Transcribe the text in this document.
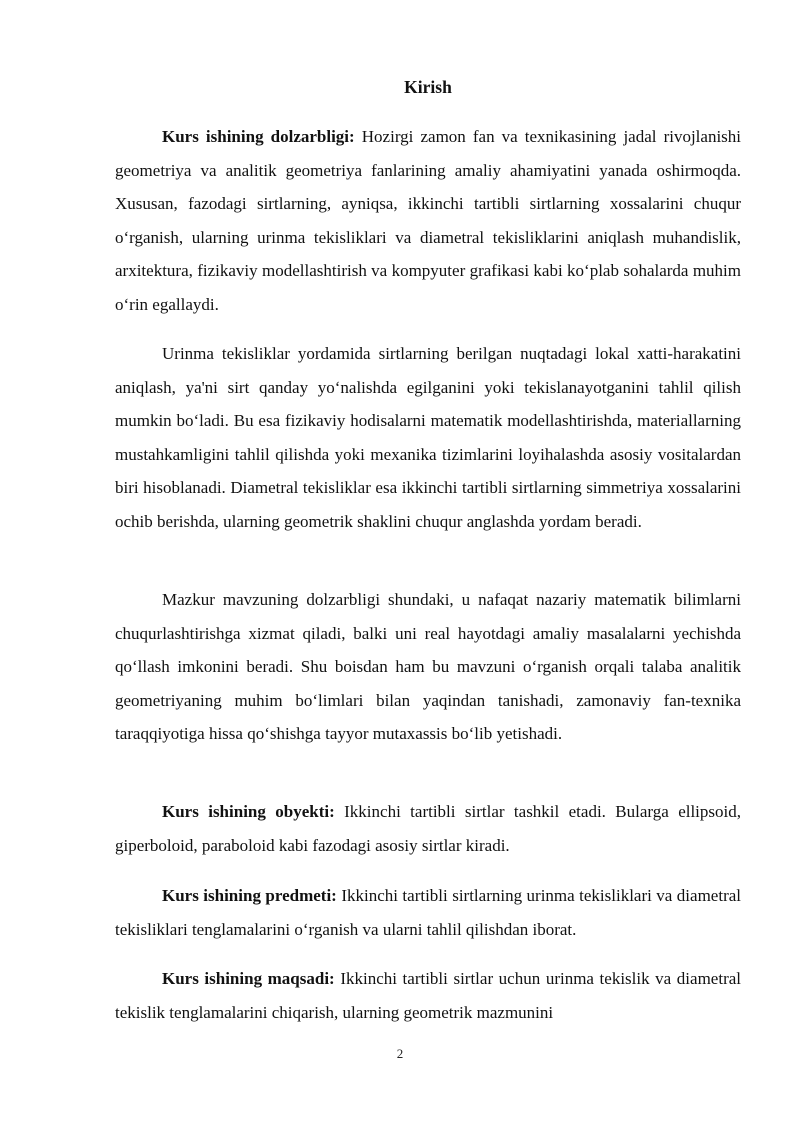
Kirish

Kurs ishining dolzarbligi: Hozirgi zamon fan va texnikasining jadal rivojlanishi geometriya va analitik geometriya fanlarining amaliy ahamiyatini yanada oshirmoqda. Xususan, fazodagi sirtlarning, ayniqsa, ikkinchi tartibli sirtlarning xossalarini chuqur oʻrganish, ularning urinma tekisliklari va diametral tekisliklarini aniqlash muhandislik, arxitektura, fizikaviy modellashtirish va kompyuter grafikasi kabi koʻplab sohalarda muhim oʻrin egallaydi.

Urinma tekisliklar yordamida sirtlarning berilgan nuqtadagi lokal xatti-harakatini aniqlash, ya'ni sirt qanday yoʻnalishda egilganini yoki tekislanayotganini tahlil qilish mumkin boʻladi. Bu esa fizikaviy hodisalarni matematik modellashtirishda, materiallarning mustahkamligini tahlil qilishda yoki mexanika tizimlarini loyihalashda asosiy vositalardan biri hisoblanadi. Diametral tekisliklar esa ikkinchi tartibli sirtlarning simmetriya xossalarini ochib berishda, ularning geometrik shaklini chuqur anglashda yordam beradi.

Mazkur mavzuning dolzarbligi shundaki, u nafaqat nazariy matematik bilimlarni chuqurlashtirishga xizmat qiladi, balki uni real hayotdagi amaliy masalalarni yechishda qoʻllash imkonini beradi. Shu boisdan ham bu mavzuni oʻrganish orqali talaba analitik geometriyaning muhim boʻlimlari bilan yaqindan tanishadi, zamonaviy fan-texnika taraqqiyotiga hissa qoʻshishga tayyor mutaxassis boʻlib yetishadi.

Kurs ishining obyekti: Ikkinchi tartibli sirtlar tashkil etadi. Bularga ellipsoid, giperboloid, paraboloid kabi fazodagi asosiy sirtlar kiradi.

Kurs ishining predmeti: Ikkinchi tartibli sirtlarning urinma tekisliklari va diametral tekisliklari tenglamalarini oʻrganish va ularni tahlil qilishdan iborat.

Kurs ishining maqsadi: Ikkinchi tartibli sirtlar uchun urinma tekislik va diametral tekislik tenglamalarini chiqarish, ularning geometrik mazmunini

2
